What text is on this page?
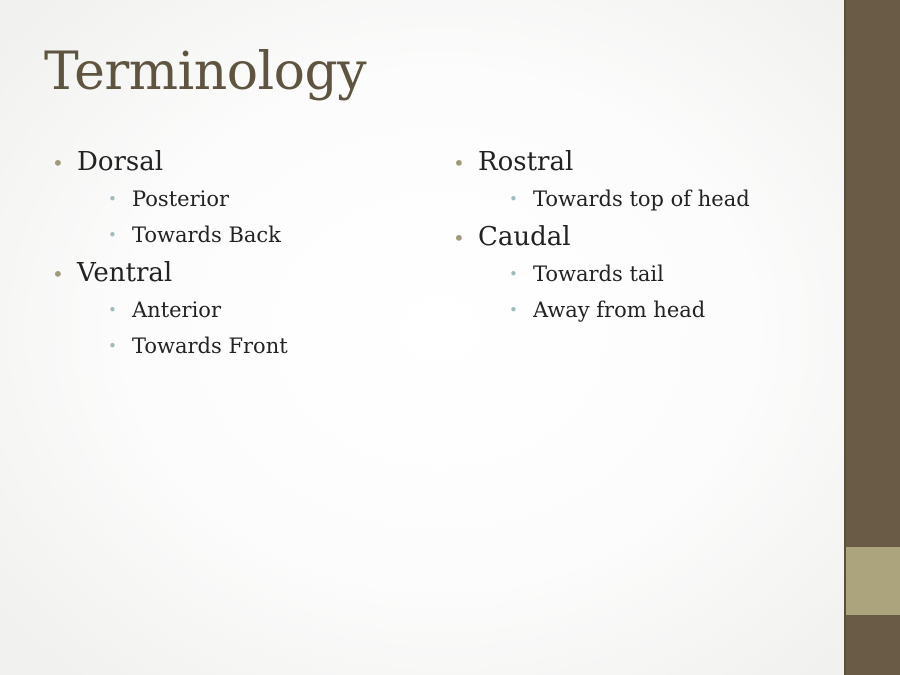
Terminology
• Dorsal
• Posterior
• Towards Back
• Ventral
• Anterior
• Towards Front
• Rostral
• Towards top of head
• Caudal
• Towards tail
• Away from head
